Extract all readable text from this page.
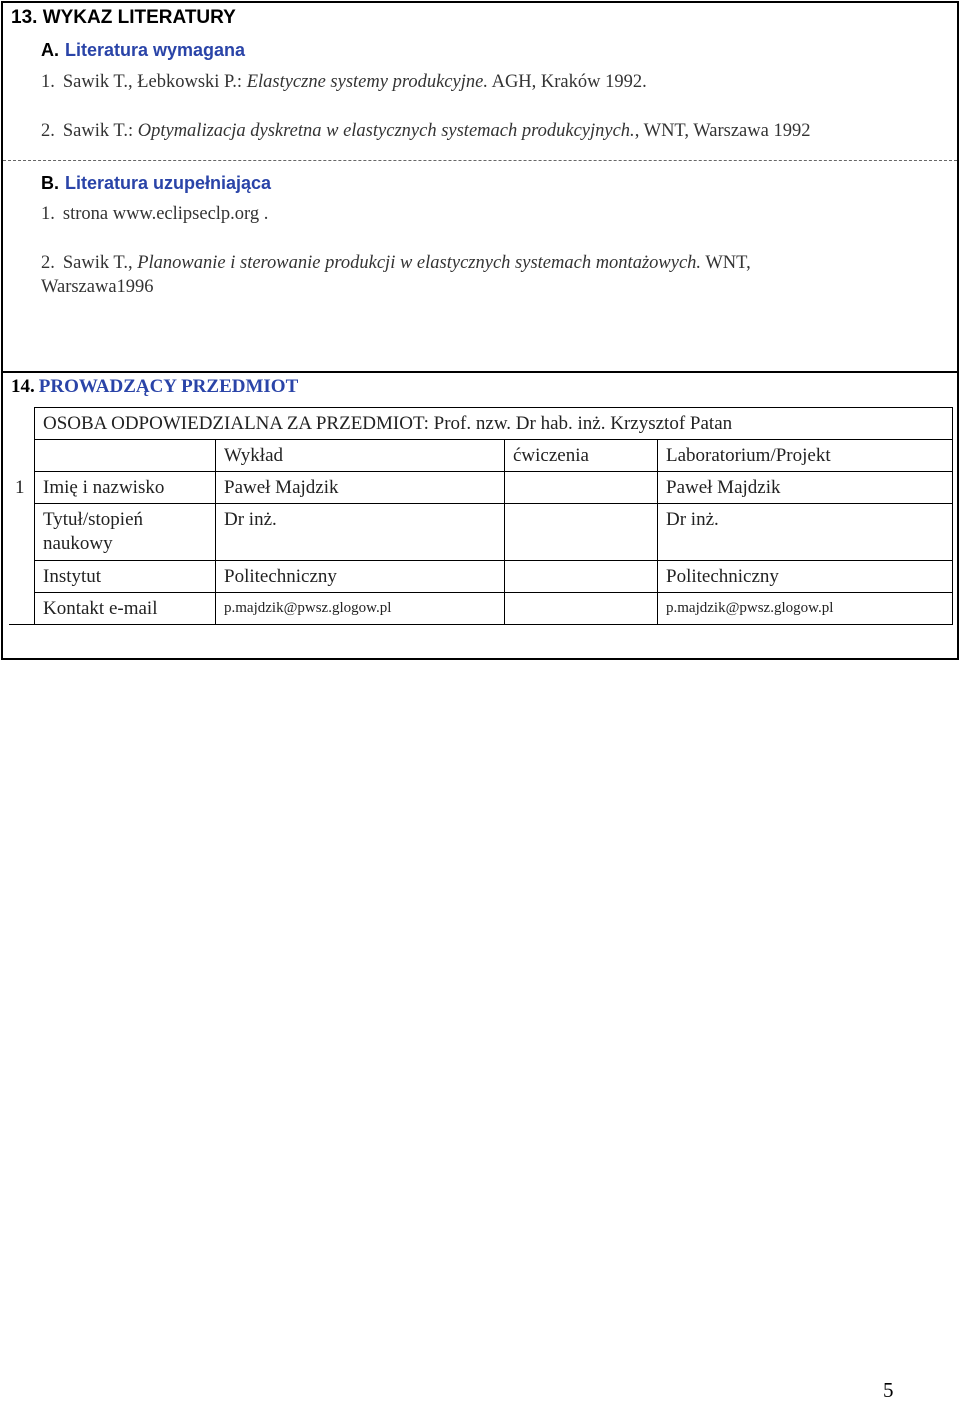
13. WYKAZ LITERATURY
A. Literatura wymagana
1. Sawik T., Łebkowski P.: Elastyczne systemy produkcyjne. AGH, Kraków 1992.
2. Sawik T.: Optymalizacja dyskretna w elastycznych systemach produkcyjnych., WNT, Warszawa 1992
B. Literatura uzupełniająca
1. strona www.eclipseclp.org .
2. Sawik T., Planowanie i sterowanie produkcji w elastycznych systemach montażowych. WNT,
Warszawa1996
14. PROWADZĄCY PRZEDMIOT
	OSOBA ODPOWIEDZIALNA ZA PRZEDMIOT: Prof. nzw. Dr hab. inż. Krzysztof Patan			
		Wykład	ćwiczenia	Laboratorium/Projekt
1	Imię i nazwisko	Paweł Majdzik		Paweł Majdzik
	Tytuł/stopień naukowy	Dr inż.		Dr inż.
	Instytut	Politechniczny		Politechniczny
	Kontakt e-mail	p.majdzik@pwsz.glogow.pl		p.majdzik@pwsz.glogow.pl
5
